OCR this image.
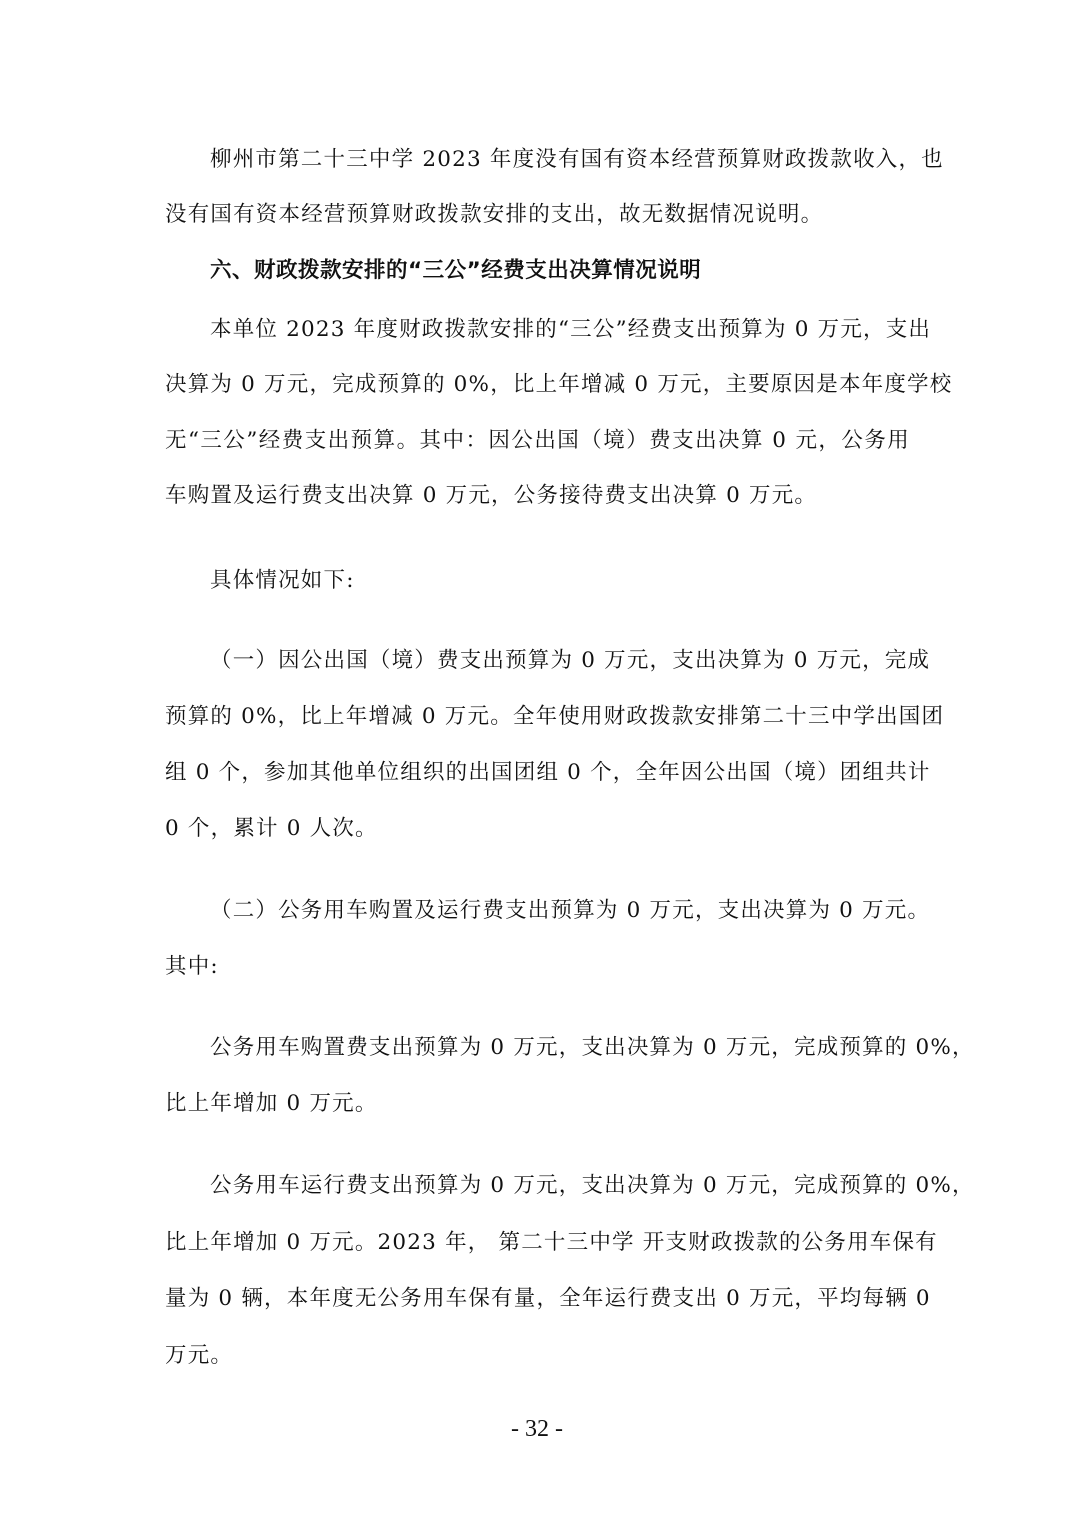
柳州市第二十三中学 2023 年度没有国有资本经营预算财政拨款收入，也
没有国有资本经营预算财政拨款安排的支出，故无数据情况说明。
六、财政拨款安排的“三公”经费支出决算情况说明
本单位 2023 年度财政拨款安排的“三公”经费支出预算为 0 万元，支出
决算为 0 万元，完成预算的 0%，比上年增减 0 万元，主要原因是本年度学校
无“三公”经费支出预算。其中：因公出国（境）费支出决算 0 元，公务用
车购置及运行费支出决算 0 万元，公务接待费支出决算 0 万元。
具体情况如下:
（一）因公出国（境）费支出预算为 0 万元，支出决算为 0 万元，完成
预算的 0%，比上年增减 0 万元。全年使用财政拨款安排第二十三中学出国团
组 0 个，参加其他单位组织的出国团组 0 个，全年因公出国（境）团组共计
0 个，累计 0 人次。
（二）公务用车购置及运行费支出预算为 0 万元，支出决算为 0 万元。
其中:
公务用车购置费支出预算为 0 万元，支出决算为 0 万元，完成预算的 0%，
比上年增加 0 万元。
公务用车运行费支出预算为 0 万元，支出决算为 0 万元，完成预算的 0%，
比上年增加 0 万元。2023 年， 第二十三中学 开支财政拨款的公务用车保有
量为 0 辆，本年度无公务用车保有量，全年运行费支出 0 万元，平均每辆 0
万元。
- 32 -
